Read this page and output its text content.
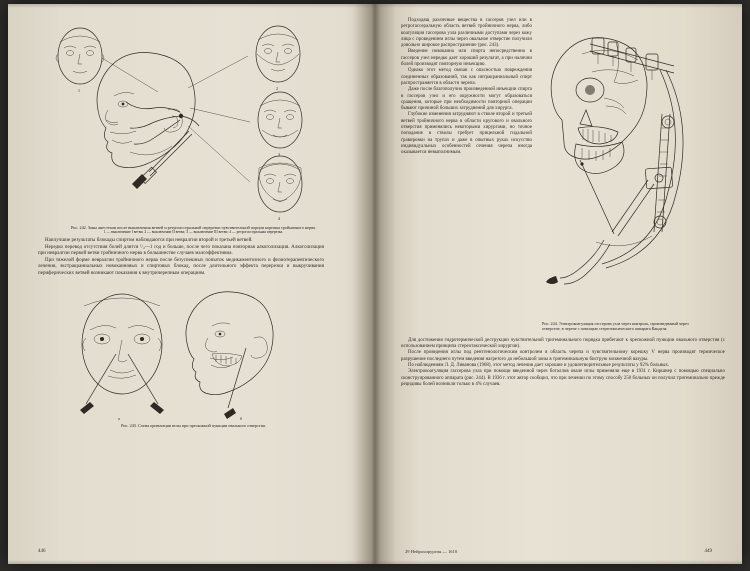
1	2
3
4
Рис. 242. Зоны анестезии после выключения ветвей и ретрогассеральной перерезки чувствительной порции корешка тройничного нерва.
1 — выключение I ветви; 2 — выключение II ветви; 3 — выключение III ветви; 4 — ретрогассеральная перерезка.

Наилучшие результаты блокады спиртом наблюдаются при невралгии второй и третьей ветвей.

Нередко перевод отсутствия болей длится ¹/₂—1 год и больше, после чего показана повторная алкоголизация. Алкоголизация при невралгии первой ветви тройничного нерва в большинстве случаев малоэффективна.

При тяжелой форме невралгии тройничного нерва после безуспешных попыток медикаментозного и физиотерапевтического лечения, экстракраниальных новокаиновых и спиртовых блокад, после длительного эффекта перерезки и выкручивания периферических ветвей возникают показания к внутричерепным операциям.

а	б
Рис. 243. Схема ориентации иглы при чрескожной пункции овального отверстия.
446

Подходящ различные вещества в гассеров узел или в ретрогассеральную область ветвей тройничного нерва, либо коагуляция гассерова узла различными доступами через кожу лица с проведением иглы через овальное отверстие получили довольно широкое распространение (рис. 243).

Введение новокаина или спирта непосредственно в гассеров узел нередко дает хороший результат, а при наличии болей производят повторную инъекцию.

Однако этот метод связан с опасностью повреждения соединенных образований, так как интракраниальный спирт распространяется в области черепа.

Даже после благополучно произведенной инъекции спирта в гассеров узел и его окружности могут образоваться сращения, которые при необходимости повторной операции бывают причиной больших затруднений для хирурга.

Глубокие изменения затрудняют в стволе второй и третьей ветвей тройничного нерва в области кругового и овального отверстия применялись некоторыми хирургами, но точное попадание в стволы требует прицельной гидальной гравировки на трупах и даже в опытных руках искусство индивидуальных особенностей сечения черепа иногда оказывается невыполнимым.

Рис. 244. Электрокоагуляция гассерова узла через контроль, произведенный через отверстие, в черепе с помощью стереотаксического аппарата Кандела.

Для достижения гидротермической деструкции чувствительной тригеминального порядка прибегают к чрескожной пункции овального отверстия (с использованием принципа стереотаксической хирургии).

После проведения иглы под рентгенологическим контролем в область черепа и чувствительному корешку V нерва производят термическое разрушение последнего путем введения нагретого до небольшой зоны в тригеминальную биструю мозжечной вазуры.

По наблюдениям Л. Д. Ливанова (1968), этот метод лечения дает хорошие и удовлетворительные результаты у 92% больных.

Электрокоагуляция гассерова узла при помощи введенной через боталлов овале иглы применяли еще в 1931 г. Киршнер с помощью специально сконструированного аппарата (рис. 244). В 1936 г. этот автор сообщил, что при лечении по этому способу 250 больных он получил тригеминально прежде рецидивы болей возникли только в 4% случаев.

29 Нейрохирургия — 1610	449
